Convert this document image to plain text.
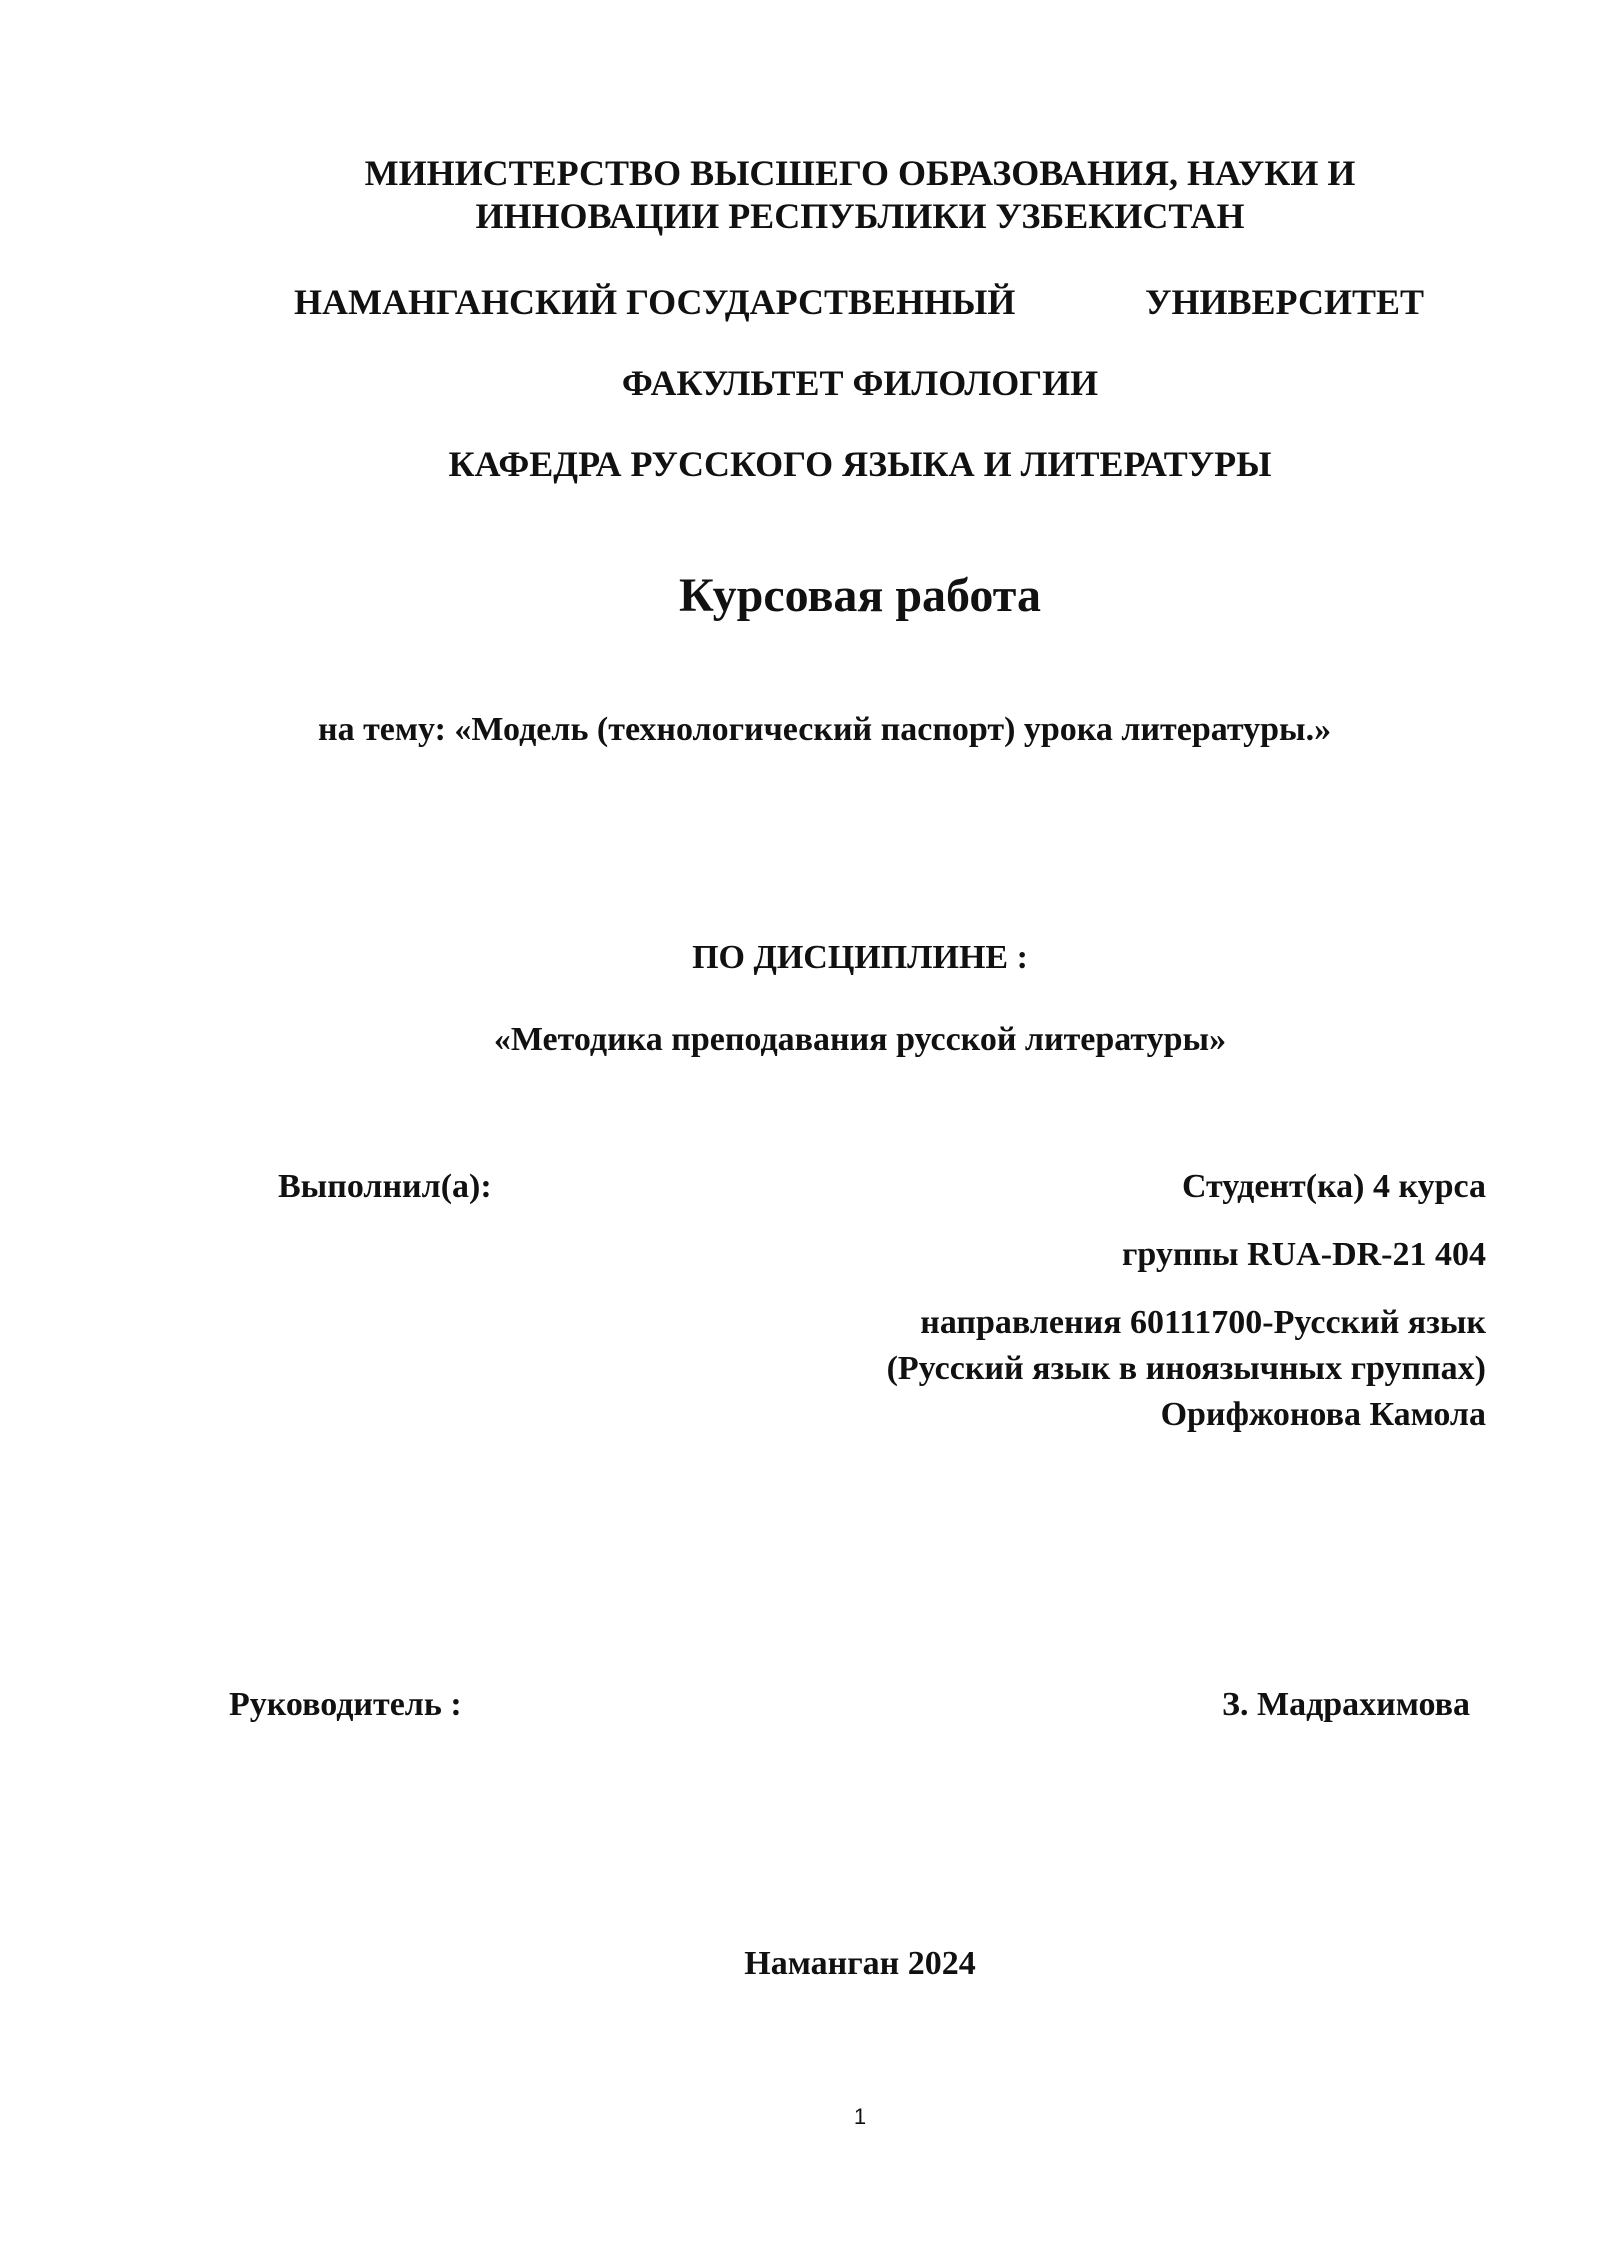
МИНИСТЕРСТВО ВЫСШЕГО ОБРАЗОВАНИЯ, НАУКИ И
ИННОВАЦИИ РЕСПУБЛИКИ УЗБЕКИСТАН
НАМАНГАНСКИЙ ГОСУДАРСТВЕННЫЙ	УНИВЕРСИТЕТ
ФАКУЛЬТЕТ ФИЛОЛОГИИ
КАФЕДРА РУССКОГО ЯЗЫКА И ЛИТЕРАТУРЫ
Курсовая работа
на тему: «Модель (технологический паспорт) урока литературы.»
ПО ДИСЦИПЛИНЕ :
«Методика преподавания русской литературы»
Выполнил(а):	Студент(ка) 4 курса
группы RUA-DR-21 404
направления 60111700-Русский язык
(Русский язык в иноязычных группах)
Орифжонова Камола
Руководитель :	З. Мадрахимова
Наманган 2024
1
